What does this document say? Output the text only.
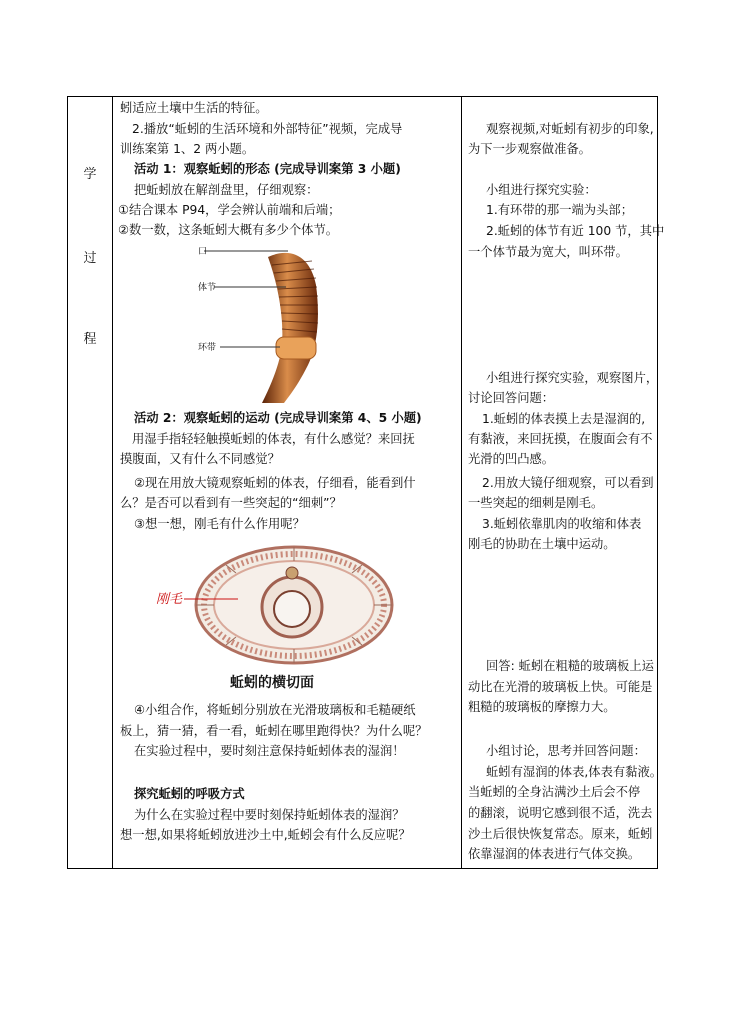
学
过
程
蚓适应土壤中生活的特征。
2.播放“蚯蚓的生活环境和外部特征”视频，完成导
训练案第 1、2 两小题。
活动 1：观察蚯蚓的形态 (完成导训案第 3 小题)
把蚯蚓放在解剖盘里，仔细观察：
①结合课本 P94，学会辨认前端和后端；
②数一数，这条蚯蚓大概有多少个体节。
口
体节
环带
活动 2：观察蚯蚓的运动 (完成导训案第 4、5 小题)
用湿手指轻轻触摸蚯蚓的体表，有什么感觉？来回抚
摸腹面，又有什么不同感觉？
②现在用放大镜观察蚯蚓的体表，仔细看，能看到什
么？是否可以看到有一些突起的“细刺”？
③想一想，刚毛有什么作用呢？
刚毛
蚯蚓的横切面
④小组合作，将蚯蚓分别放在光滑玻璃板和毛糙硬纸
板上，猜一猜，看一看，蚯蚓在哪里跑得快？为什么呢？
在实验过程中，要时刻注意保持蚯蚓体表的湿润！
探究蚯蚓的呼吸方式
为什么在实验过程中要时刻保持蚯蚓体表的湿润？
想一想,如果将蚯蚓放进沙土中,蚯蚓会有什么反应呢？
观察视频,对蚯蚓有初步的印象,
为下一步观察做准备。
小组进行探究实验：
1.有环带的那一端为头部；
2.蚯蚓的体节有近 100 节，其中
一个体节最为宽大，叫环带。
小组进行探究实验，观察图片，
讨论回答问题：
1.蚯蚓的体表摸上去是湿润的,
有黏液，来回抚摸，在腹面会有不
光滑的凹凸感。
2.用放大镜仔细观察，可以看到
一些突起的细刺是刚毛。
3.蚯蚓依靠肌肉的收缩和体表
刚毛的协助在土壤中运动。
回答: 蚯蚓在粗糙的玻璃板上运
动比在光滑的玻璃板上快。可能是
粗糙的玻璃板的摩擦力大。
小组讨论，思考并回答问题：
蚯蚓有湿润的体表,体表有黏液。
当蚯蚓的全身沾满沙土后会不停
的翻滚，说明它感到很不适，洗去
沙土后很快恢复常态。原来，蚯蚓
依靠湿润的体表进行气体交换。
